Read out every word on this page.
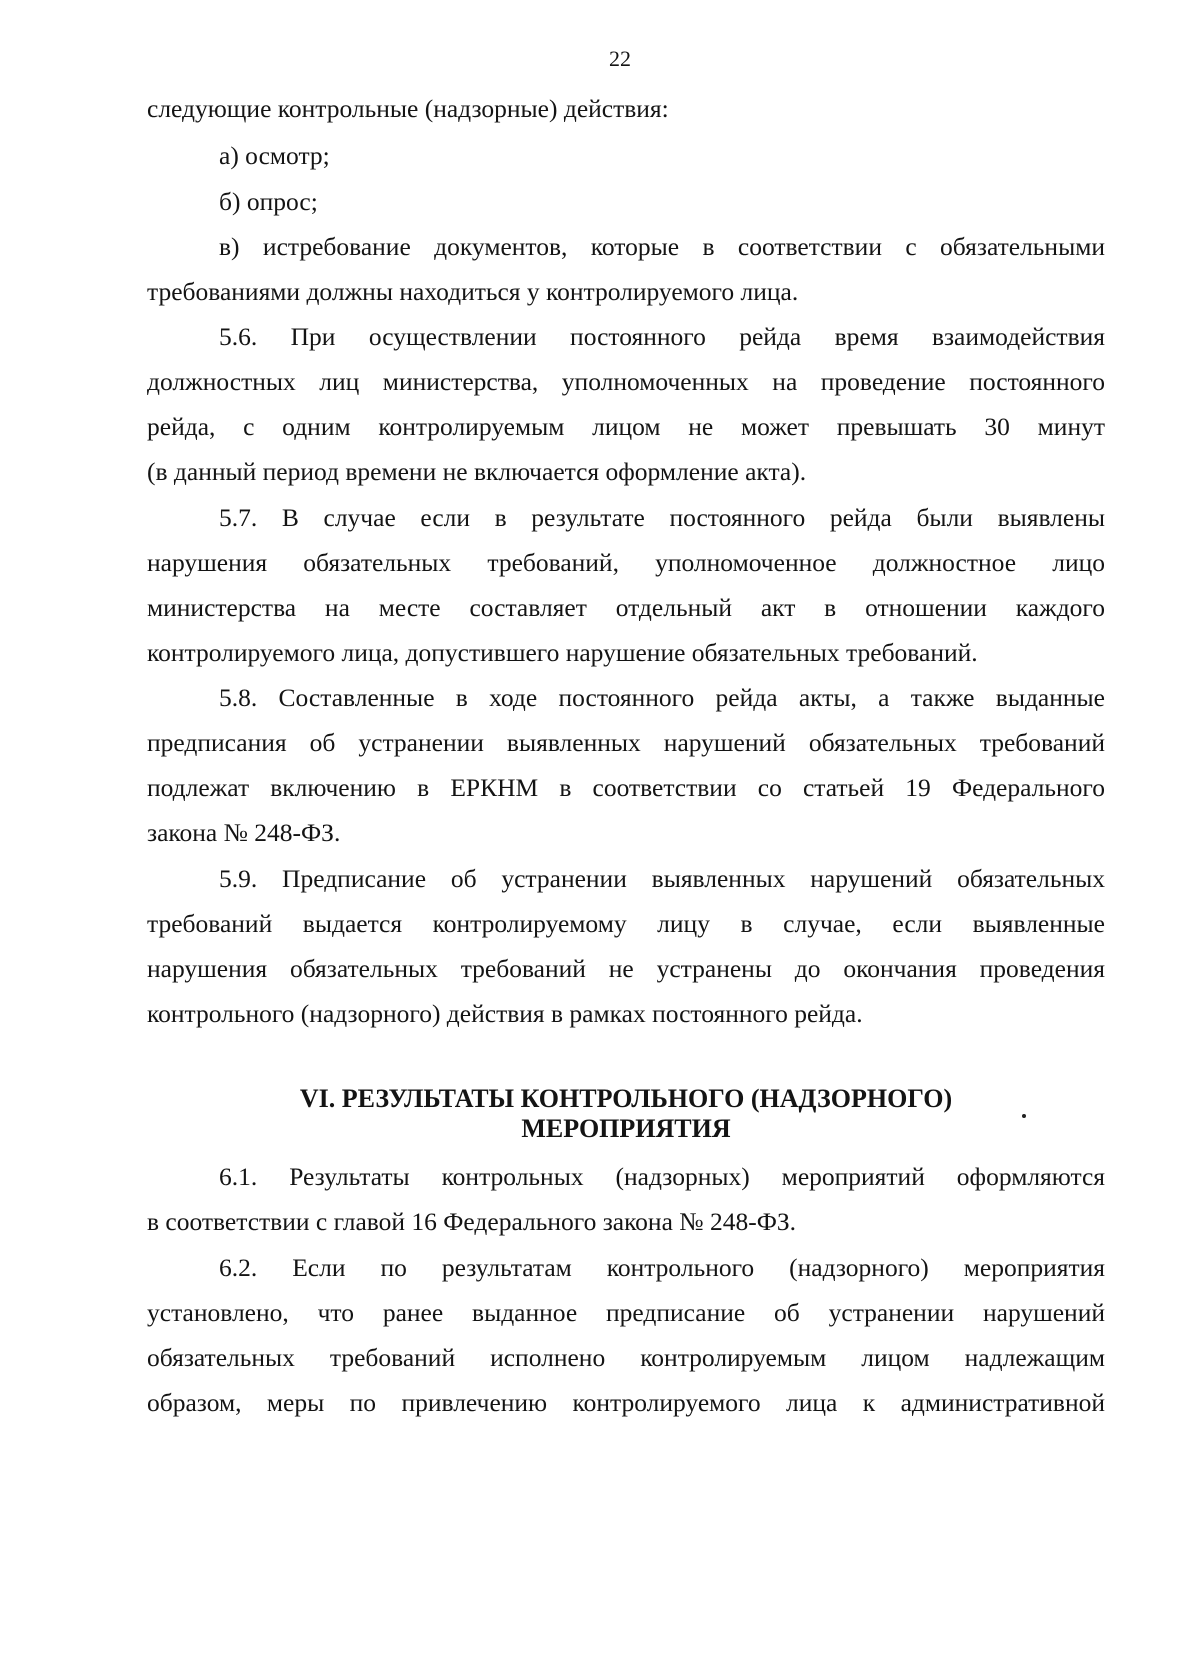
22
следующие контрольные (надзорные) действия:
а) осмотр;
б) опрос;
в) истребование документов, которые в соответствии с обязательными
требованиями должны находиться у контролируемого лица.
5.6. При осуществлении постоянного рейда время взаимодействия
должностных лиц министерства, уполномоченных на проведение постоянного
рейда, с одним контролируемым лицом не может превышать 30 минут
(в данный период времени не включается оформление акта).
5.7. В случае если в результате постоянного рейда были выявлены
нарушения обязательных требований, уполномоченное должностное лицо
министерства на месте составляет отдельный акт в отношении каждого
контролируемого лица, допустившего нарушение обязательных требований.
5.8. Составленные в ходе постоянного рейда акты, а также выданные
предписания об устранении выявленных нарушений обязательных требований
подлежат включению в ЕРКНМ в соответствии со статьей 19 Федерального
закона № 248-ФЗ.
5.9. Предписание об устранении выявленных нарушений обязательных
требований выдается контролируемому лицу в случае, если выявленные
нарушения обязательных требований не устранены до окончания проведения
контрольного (надзорного) действия в рамках постоянного рейда.
VI. РЕЗУЛЬТАТЫ КОНТРОЛЬНОГО (НАДЗОРНОГО)
МЕРОПРИЯТИЯ
6.1. Результаты контрольных (надзорных) мероприятий оформляются
в соответствии с главой 16 Федерального закона № 248-ФЗ.
6.2. Если по результатам контрольного (надзорного) мероприятия
установлено, что ранее выданное предписание об устранении нарушений
обязательных требований исполнено контролируемым лицом надлежащим
образом, меры по привлечению контролируемого лица к административной
